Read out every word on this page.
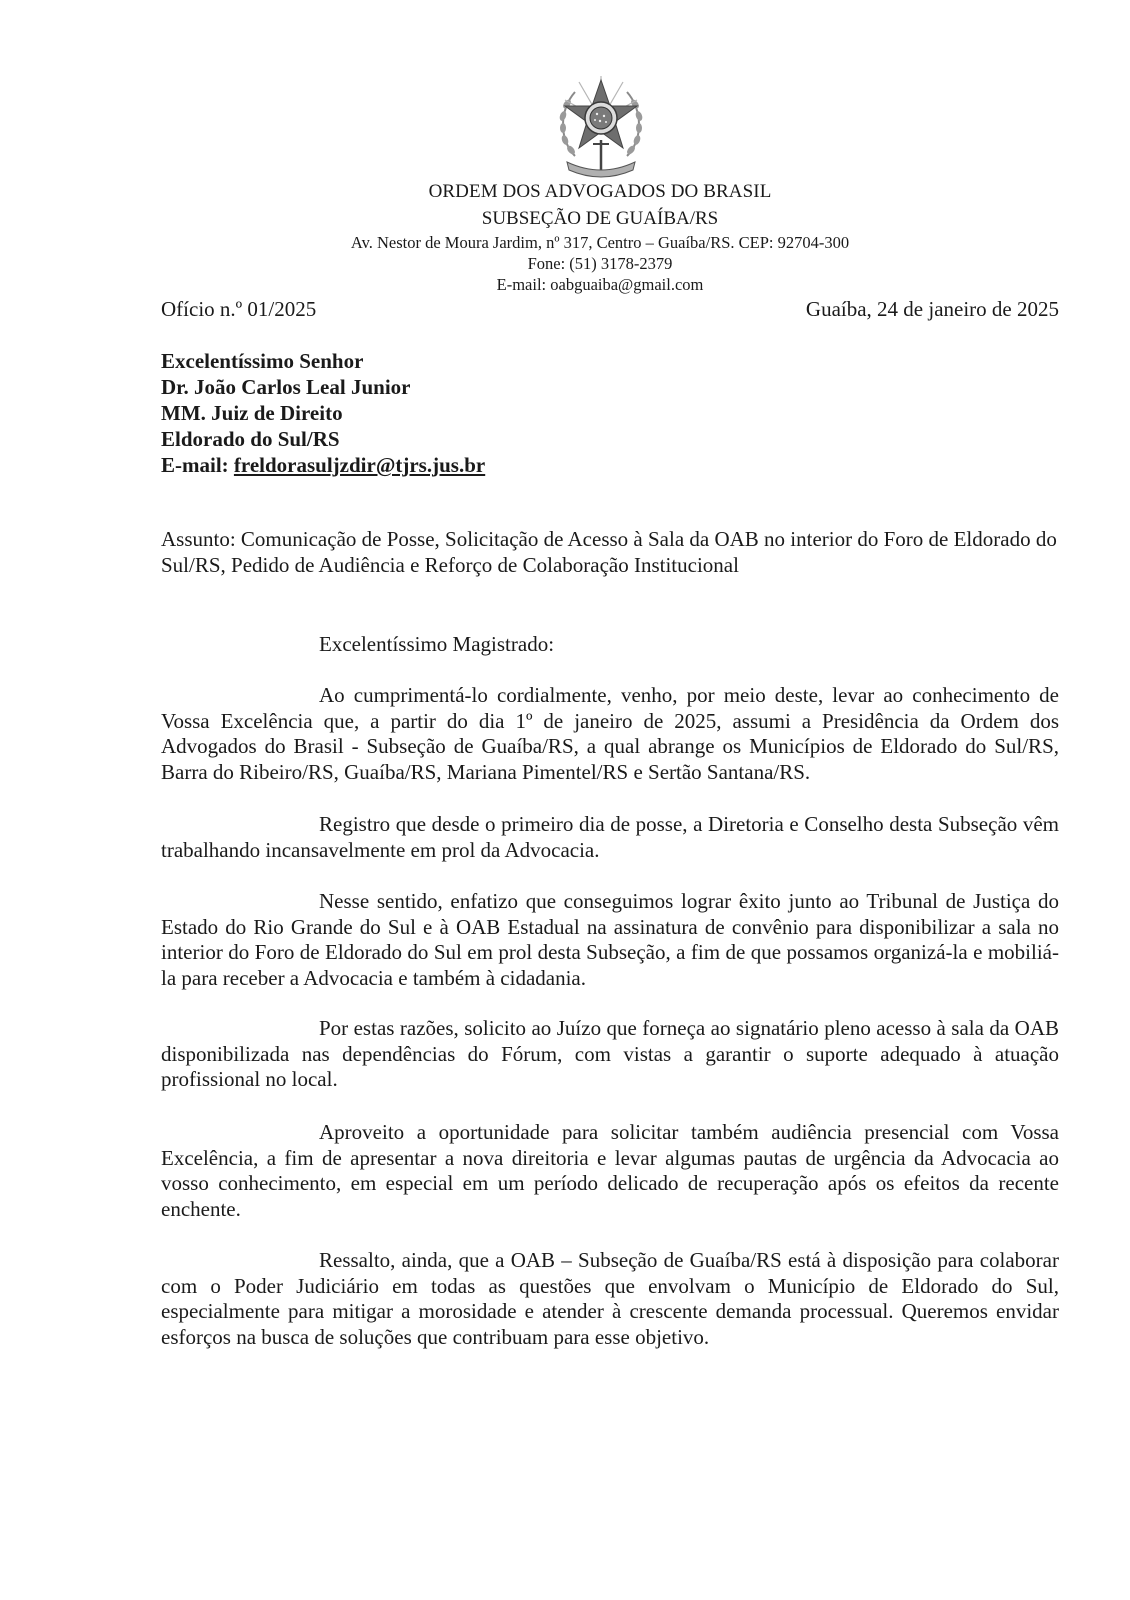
ORDEM DOS ADVOGADOS DO BRASIL
SUBSEÇÃO DE GUAÍBA/RS
Av. Nestor de Moura Jardim, nº 317, Centro – Guaíba/RS. CEP: 92704-300
Fone: (51) 3178-2379
E-mail: oabguaiba@gmail.com
Ofício n.º 01/2025	Guaíba, 24 de janeiro de 2025
Excelentíssimo Senhor
Dr. João Carlos Leal Junior
MM. Juiz de Direito
Eldorado do Sul/RS
E-mail: freldorasuljzdir@tjrs.jus.br
Assunto: Comunicação de Posse, Solicitação de Acesso à Sala da OAB no interior do Foro de Eldorado do Sul/RS, Pedido de Audiência e Reforço de Colaboração Institucional
Excelentíssimo Magistrado:
Ao cumprimentá-lo cordialmente, venho, por meio deste, levar ao conhecimento de Vossa Excelência que, a partir do dia 1º de janeiro de 2025, assumi a Presidência da Ordem dos Advogados do Brasil - Subseção de Guaíba/RS, a qual abrange os Municípios de Eldorado do Sul/RS, Barra do Ribeiro/RS, Guaíba/RS, Mariana Pimentel/RS e Sertão Santana/RS.
Registro que desde o primeiro dia de posse, a Diretoria e Conselho desta Subseção vêm trabalhando incansavelmente em prol da Advocacia.
Nesse sentido, enfatizo que conseguimos lograr êxito junto ao Tribunal de Justiça do Estado do Rio Grande do Sul e à OAB Estadual na assinatura de convênio para disponibilizar a sala no interior do Foro de Eldorado do Sul em prol desta Subseção, a fim de que possamos organizá-la e mobiliá-la para receber a Advocacia e também à cidadania.
Por estas razões, solicito ao Juízo que forneça ao signatário pleno acesso à sala da OAB disponibilizada nas dependências do Fórum, com vistas a garantir o suporte adequado à atuação profissional no local.
Aproveito a oportunidade para solicitar também audiência presencial com Vossa Excelência, a fim de apresentar a nova direitoria e levar algumas pautas de urgência da Advocacia ao vosso conhecimento, em especial em um período delicado de recuperação após os efeitos da recente enchente.
Ressalto, ainda, que a OAB – Subseção de Guaíba/RS está à disposição para colaborar com o Poder Judiciário em todas as questões que envolvam o Município de Eldorado do Sul, especialmente para mitigar a morosidade e atender à crescente demanda processual. Queremos envidar esforços na busca de soluções que contribuam para esse objetivo.
